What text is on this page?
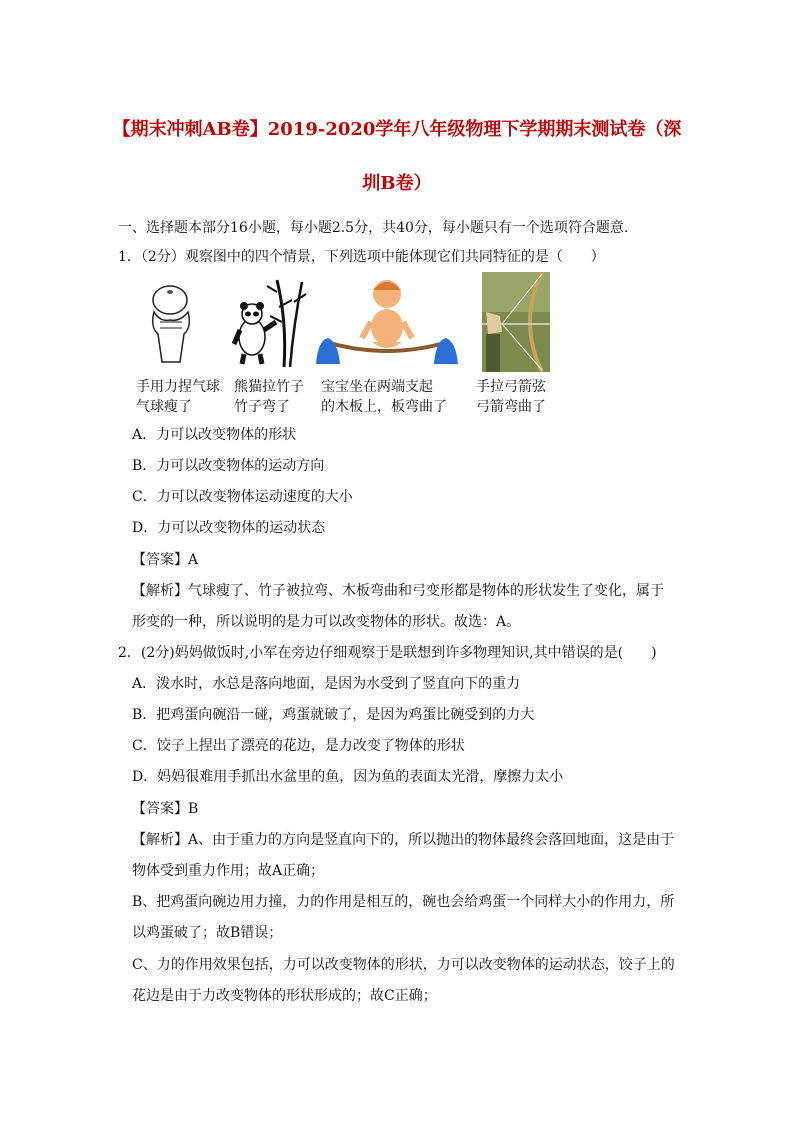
【期末冲刺AB卷】2019-2020学年八年级物理下学期期末测试卷（深圳B卷）
一、选择题本部分16小题，每小题2.5分，共40分，每小题只有一个选项符合题意.
1．（2分）观察图中的四个情景，下列选项中能体现它们共同特征的是（　　）
手用力捏气球
气球瘦了
熊猫拉竹子
竹子弯了
宝宝坐在两端支起
的木板上，板弯曲了
手拉弓箭弦
弓箭弯曲了
A．力可以改变物体的形状
B．力可以改变物体的运动方向
C．力可以改变物体运动速度的大小
D．力可以改变物体的运动状态
【答案】A
【解析】气球瘦了、竹子被拉弯、木板弯曲和弓变形都是物体的形状发生了变化，属于
形变的一种，所以说明的是力可以改变物体的形状。故选：A。
2．(2分)妈妈做饭时,小军在旁边仔细观察于是联想到许多物理知识,其中错误的是(　　)
A．泼水时，水总是落向地面，是因为水受到了竖直向下的重力
B．把鸡蛋向碗沿一碰，鸡蛋就破了，是因为鸡蛋比碗受到的力大
C．饺子上捏出了漂亮的花边，是力改变了物体的形状
D．妈妈很难用手抓出水盆里的鱼，因为鱼的表面太光滑，摩擦力太小
【答案】B
【解析】A、由于重力的方向是竖直向下的，所以抛出的物体最终会落回地面，这是由于
物体受到重力作用；故A正确；
B、把鸡蛋向碗边用力撞，力的作用是相互的，碗也会给鸡蛋一个同样大小的作用力，所
以鸡蛋破了；故B错误；
C、力的作用效果包括，力可以改变物体的形状，力可以改变物体的运动状态，饺子上的
花边是由于力改变物体的形状形成的；故C正确；
